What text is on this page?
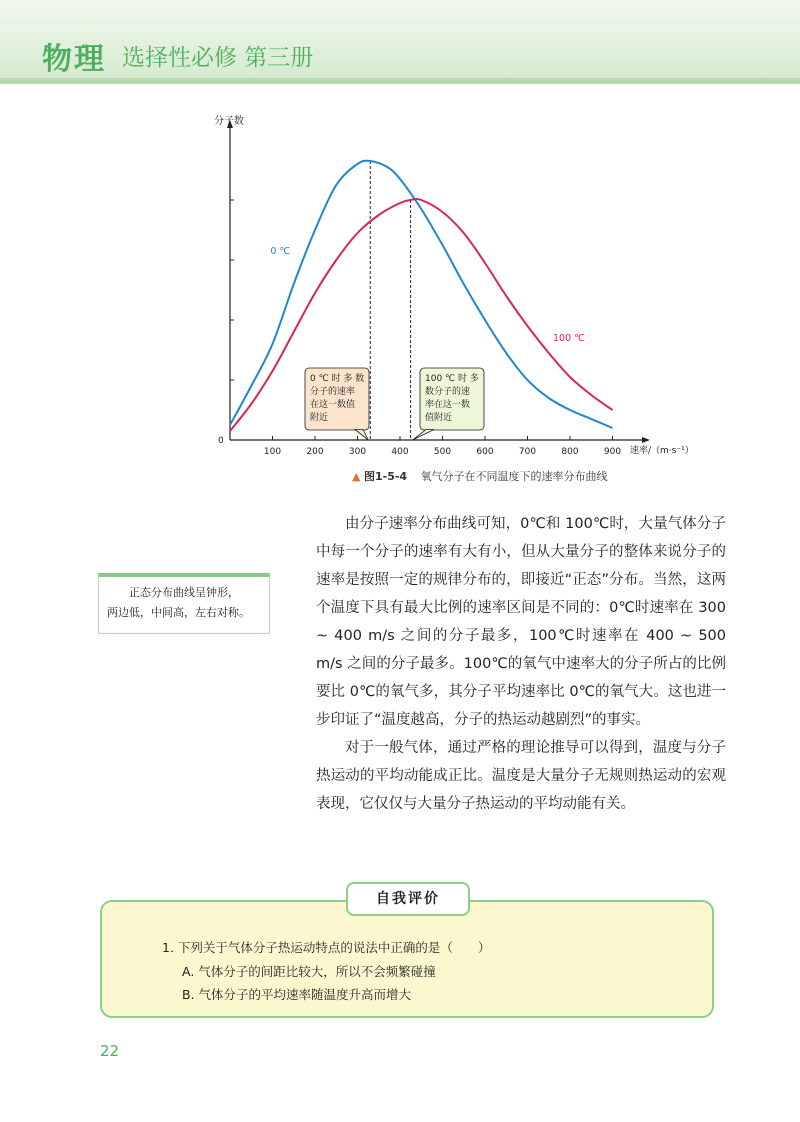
物理 选择性必修 第三册
分子数
速率/（m·s⁻¹）
0
100	200	300	400	500	600	700	800	900
0 ℃
100 ℃
0 ℃ 时 多 数
分子的速率
在这一数值
附近
100 ℃ 时 多
数分子的速
率在这一数
值附近
▲ 图1-5-4 氧气分子在不同温度下的速率分布曲线
正态分布曲线呈钟形，
两边低，中间高，左右对称。

由分子速率分布曲线可知，0℃和 100℃时，大量气体分子中每一个分子的速率有大有小，但从大量分子的整体来说分子的速率是按照一定的规律分布的，即接近“正态”分布。当然，这两个温度下具有最大比例的速率区间是不同的：0℃时速率在 300 ~ 400 m/s 之间的分子最多，100℃时速率在 400 ~ 500 m/s 之间的分子最多。100℃的氧气中速率大的分子所占的比例要比 0℃的氧气多，其分子平均速率比 0℃的氧气大。这也进一步印证了“温度越高，分子的热运动越剧烈”的事实。

对于一般气体，通过严格的理论推导可以得到，温度与分子热运动的平均动能成正比。温度是大量分子无规则热运动的宏观表现，它仅仅与大量分子热运动的平均动能有关。

1. 下列关于气体分子热运动特点的说法中正确的是（　　）
A. 气体分子的间距比较大，所以不会频繁碰撞
B. 气体分子的平均速率随温度升高而增大
自我评价
22
